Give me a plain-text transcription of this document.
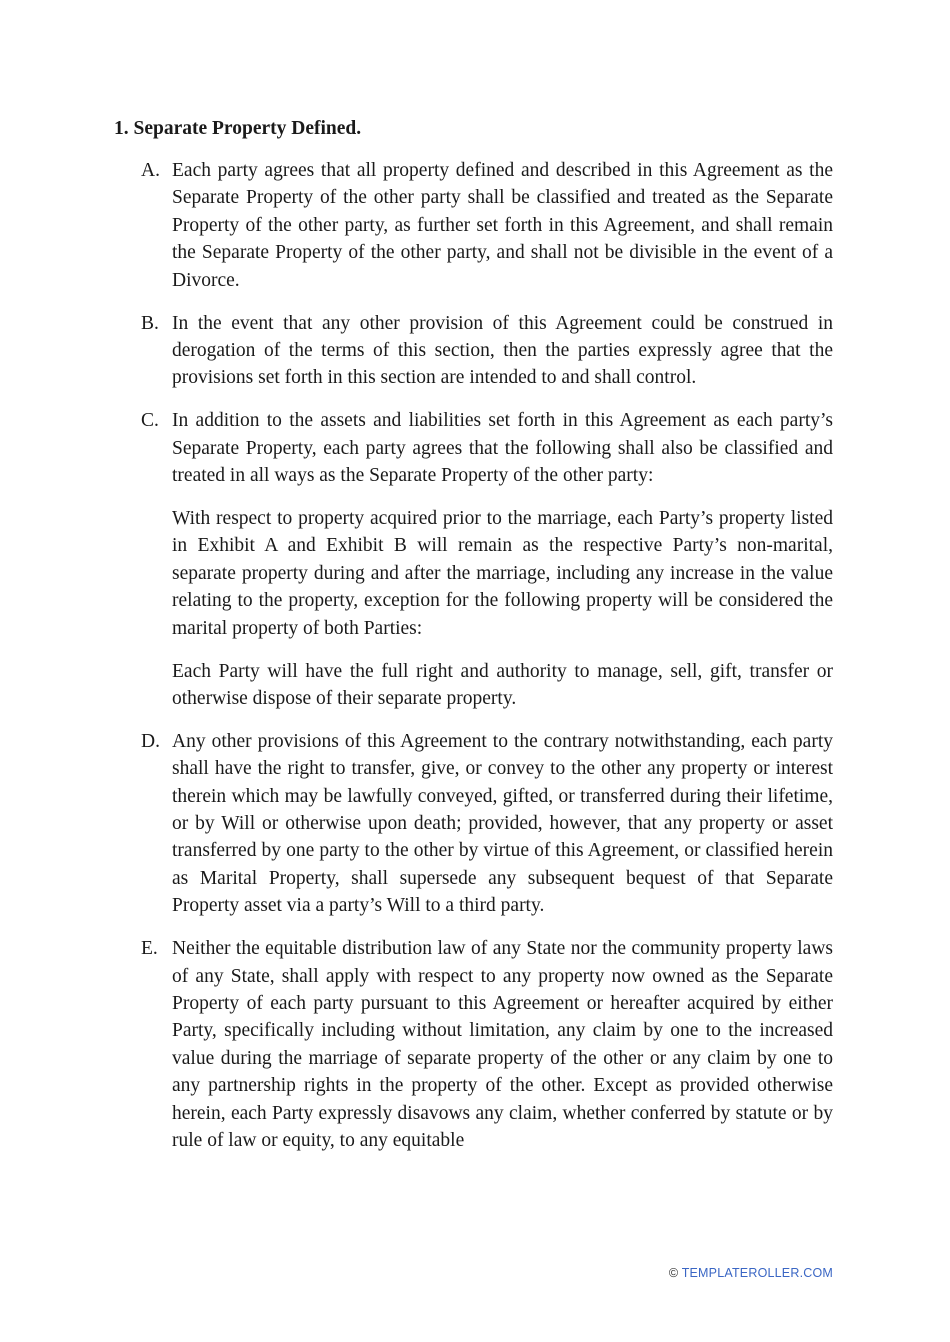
1. Separate Property Defined.
A. Each party agrees that all property defined and described in this Agreement as the Separate Property of the other party shall be classified and treated as the Separate Property of the other party, as further set forth in this Agreement, and shall remain the Separate Property of the other party, and shall not be divisible in the event of a Divorce.

B. In the event that any other provision of this Agreement could be construed in derogation of the terms of this section, then the parties expressly agree that the provisions set forth in this section are intended to and shall control.

C. In addition to the assets and liabilities set forth in this Agreement as each party’s Separate Property, each party agrees that the following shall also be classified and treated in all ways as the Separate Property of the other party:

With respect to property acquired prior to the marriage, each Party’s property listed in Exhibit A and Exhibit B will remain as the respective Party’s non-marital, separate property during and after the marriage, including any increase in the value relating to the property, exception for the following property will be considered the marital property of both Parties:

Each Party will have the full right and authority to manage, sell, gift, transfer or otherwise dispose of their separate property.

D. Any other provisions of this Agreement to the contrary notwithstanding, each party shall have the right to transfer, give, or convey to the other any property or interest therein which may be lawfully conveyed, gifted, or transferred during their lifetime, or by Will or otherwise upon death; provided, however, that any property or asset transferred by one party to the other by virtue of this Agreement, or classified herein as Marital Property, shall supersede any subsequent bequest of that Separate Property asset via a party’s Will to a third party.

E. Neither the equitable distribution law of any State nor the community property laws of any State, shall apply with respect to any property now owned as the Separate Property of each party pursuant to this Agreement or hereafter acquired by either Party, specifically including without limitation, any claim by one to the increased value during the marriage of separate property of the other or any claim by one to any partnership rights in the property of the other. Except as provided otherwise herein, each Party expressly disavows any claim, whether conferred by statute or by rule of law or equity, to any equitable

© TEMPLATEROLLER.COM
